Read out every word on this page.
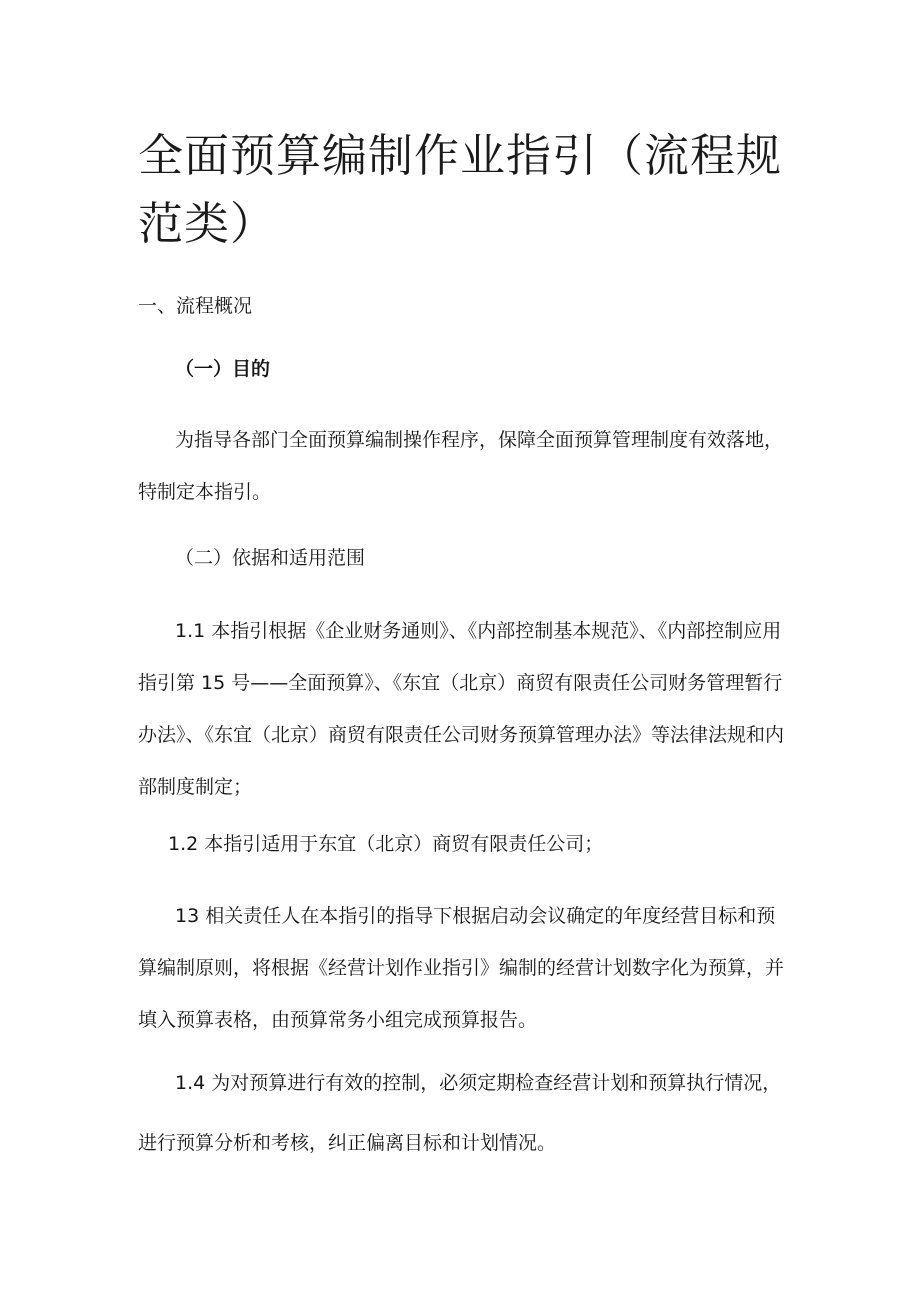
全面预算编制作业指引（流程规范类）

一、流程概况

（一）目的

为指导各部门全面预算编制操作程序，保障全面预算管理制度有效落地，特制定本指引。

（二）依据和适用范围

1.1 本指引根据《企业财务通则》、《内部控制基本规范》、《内部控制应用指引第 15 号——全面预算》、《东宜（北京）商贸有限责任公司财务管理暂行办法》、《东宜（北京）商贸有限责任公司财务预算管理办法》等法律法规和内部制度制定；

1.2 本指引适用于东宜（北京）商贸有限责任公司；

13 相关责任人在本指引的指导下根据启动会议确定的年度经营目标和预算编制原则，将根据《经营计划作业指引》编制的经营计划数字化为预算，并填入预算表格，由预算常务小组完成预算报告。

1.4 为对预算进行有效的控制，必须定期检查经营计划和预算执行情况，进行预算分析和考核，纠正偏离目标和计划情况。
